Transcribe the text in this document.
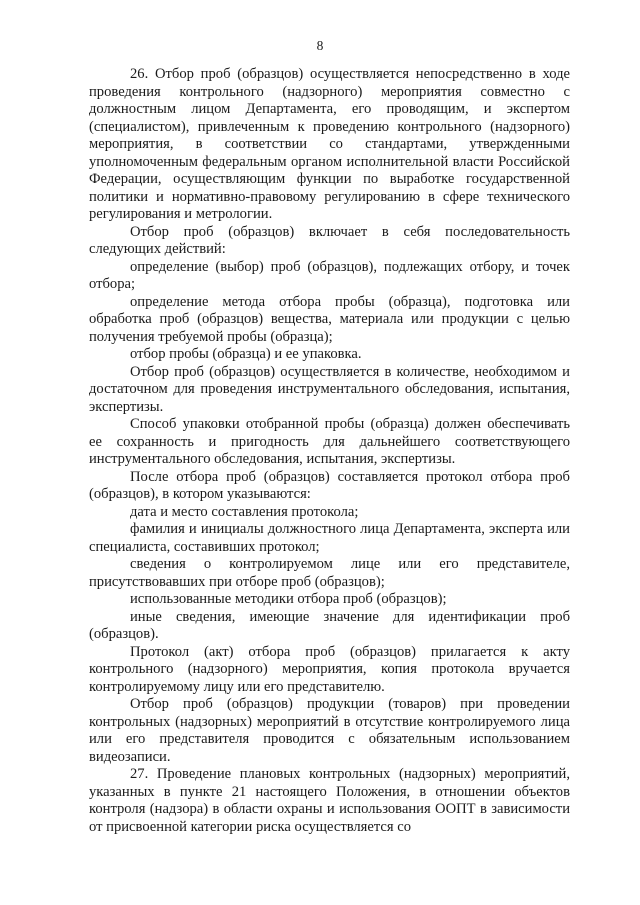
8

26. Отбор проб (образцов) осуществляется непосредственно в ходе проведения контрольного (надзорного) мероприятия совместно с должностным лицом Департамента, его проводящим, и экспертом (специалистом), привлеченным к проведению контрольного (надзорного) мероприятия, в соответствии со стандартами, утвержденными уполномоченным федеральным органом исполнительной власти Российской Федерации, осуществляющим функции по выработке государственной политики и нормативно-правовому регулированию в сфере технического регулирования и метрологии.

Отбор проб (образцов) включает в себя последовательность следующих действий:

определение (выбор) проб (образцов), подлежащих отбору, и точек отбора;

определение метода отбора пробы (образца), подготовка или обработка проб (образцов) вещества, материала или продукции с целью получения требуемой пробы (образца);

отбор пробы (образца) и ее упаковка.

Отбор проб (образцов) осуществляется в количестве, необходимом и достаточном для проведения инструментального обследования, испытания, экспертизы.

Способ упаковки отобранной пробы (образца) должен обеспечивать ее сохранность и пригодность для дальнейшего соответствующего инструментального обследования, испытания, экспертизы.

После отбора проб (образцов) составляется протокол отбора проб (образцов), в котором указываются:

дата и место составления протокола;

фамилия и инициалы должностного лица Департамента, эксперта или специалиста, составивших протокол;

сведения о контролируемом лице или его представителе, присутствовавших при отборе проб (образцов);

использованные методики отбора проб (образцов);

иные сведения, имеющие значение для идентификации проб (образцов).

Протокол (акт) отбора проб (образцов) прилагается к акту контрольного (надзорного) мероприятия, копия протокола вручается контролируемому лицу или его представителю.

Отбор проб (образцов) продукции (товаров) при проведении контрольных (надзорных) мероприятий в отсутствие контролируемого лица или его представителя проводится с обязательным использованием видеозаписи.

27. Проведение плановых контрольных (надзорных) мероприятий, указанных в пункте 21 настоящего Положения, в отношении объектов контроля (надзора) в области охраны и использования ООПТ в зависимости от присвоенной категории риска осуществляется со
